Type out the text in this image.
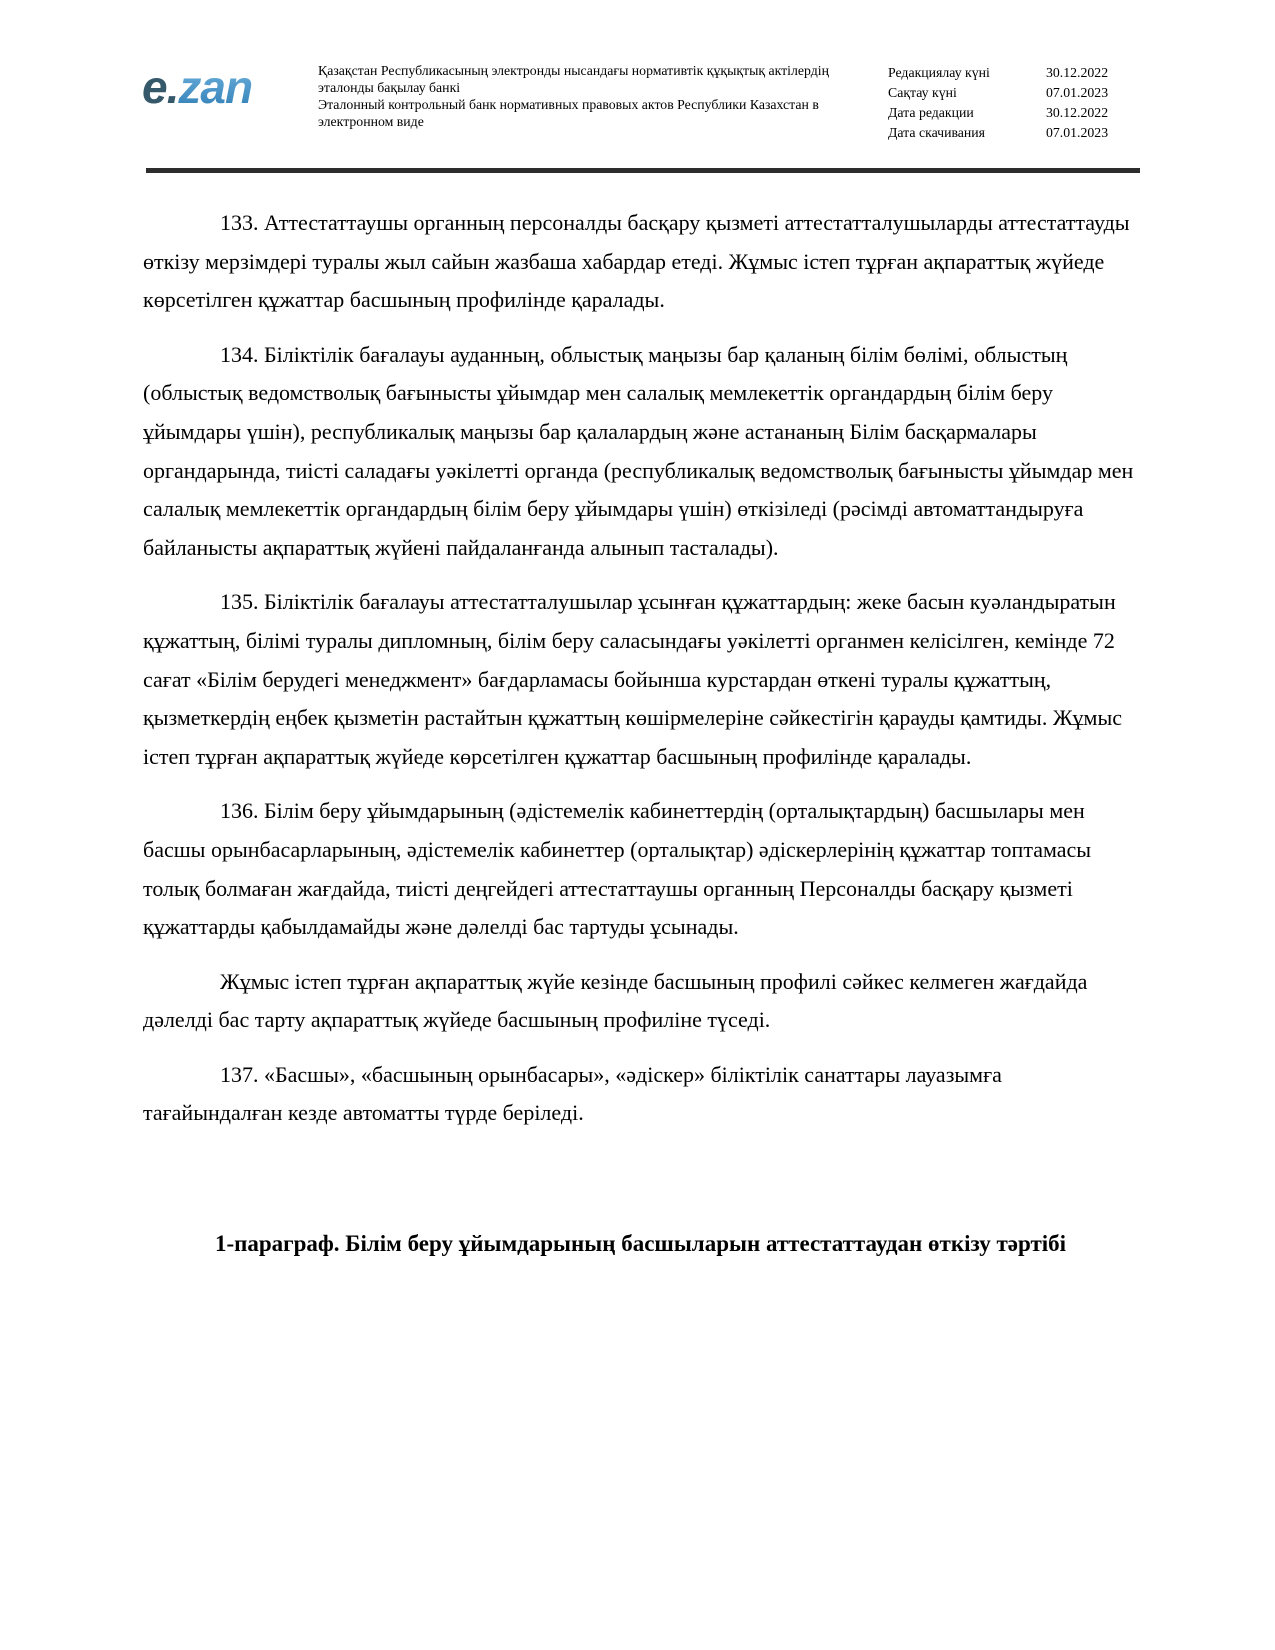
e.zan	Қазақстан Республикасының электронды нысандағы нормативтік құқықтық актілердің эталонды бақылау банкі
Эталонный контрольный банк нормативных правовых актов Республики Казахстан в электронном виде
Редакциялау күні	30.12.2022
Сақтау күні	07.01.2023
Дата редакции	30.12.2022
Дата скачивания	07.01.2023

133. Аттестаттаушы органның персоналды басқару қызметі аттестатталушыларды аттестаттауды өткізу мерзімдері туралы жыл сайын жазбаша хабардар етеді. Жұмыс істеп тұрған ақпараттық жүйеде көрсетілген құжаттар басшының профилінде қаралады.

134. Біліктілік бағалауы ауданның, облыстық маңызы бар қаланың білім бөлімі, облыстың (облыстық ведомстволық бағынысты ұйымдар мен салалық мемлекеттік органдардың білім беру ұйымдары үшін), республикалық маңызы бар қалалардың және астананың Білім басқармалары органдарында, тиісті саладағы уәкілетті органда (республикалық ведомстволық бағынысты ұйымдар мен салалық мемлекеттік органдардың білім беру ұйымдары үшін) өткізіледі (рәсімді автоматтандыруға байланысты ақпараттық жүйені пайдаланғанда алынып тасталады).

135. Біліктілік бағалауы аттестатталушылар ұсынған құжаттардың: жеке басын куәландыратын құжаттың, білімі туралы дипломның, білім беру саласындағы уәкілетті органмен келісілген, кемінде 72 сағат «Білім берудегі менеджмент» бағдарламасы бойынша курстардан өткені туралы құжаттың, қызметкердің еңбек қызметін растайтын құжаттың көшірмелеріне сәйкестігін қарауды қамтиды. Жұмыс істеп тұрған ақпараттық жүйеде көрсетілген құжаттар басшының профилінде қаралады.

136. Білім беру ұйымдарының (әдістемелік кабинеттердің (орталықтардың) басшылары мен басшы орынбасарларының, әдістемелік кабинеттер (орталықтар) әдіскерлерінің құжаттар топтамасы толық болмаған жағдайда, тиісті деңгейдегі аттестаттаушы органның Персоналды басқару қызметі құжаттарды қабылдамайды және дәлелді бас тартуды ұсынады.

Жұмыс істеп тұрған ақпараттық жүйе кезінде басшының профилі сәйкес келмеген жағдайда дәлелді бас тарту ақпараттық жүйеде басшының профиліне түседі.

137. «Басшы», «басшының орынбасары», «әдіскер» біліктілік санаттары лауазымға тағайындалған кезде автоматты түрде беріледі.

1-параграф. Білім беру ұйымдарының басшыларын аттестаттаудан өткізу тәртібі
